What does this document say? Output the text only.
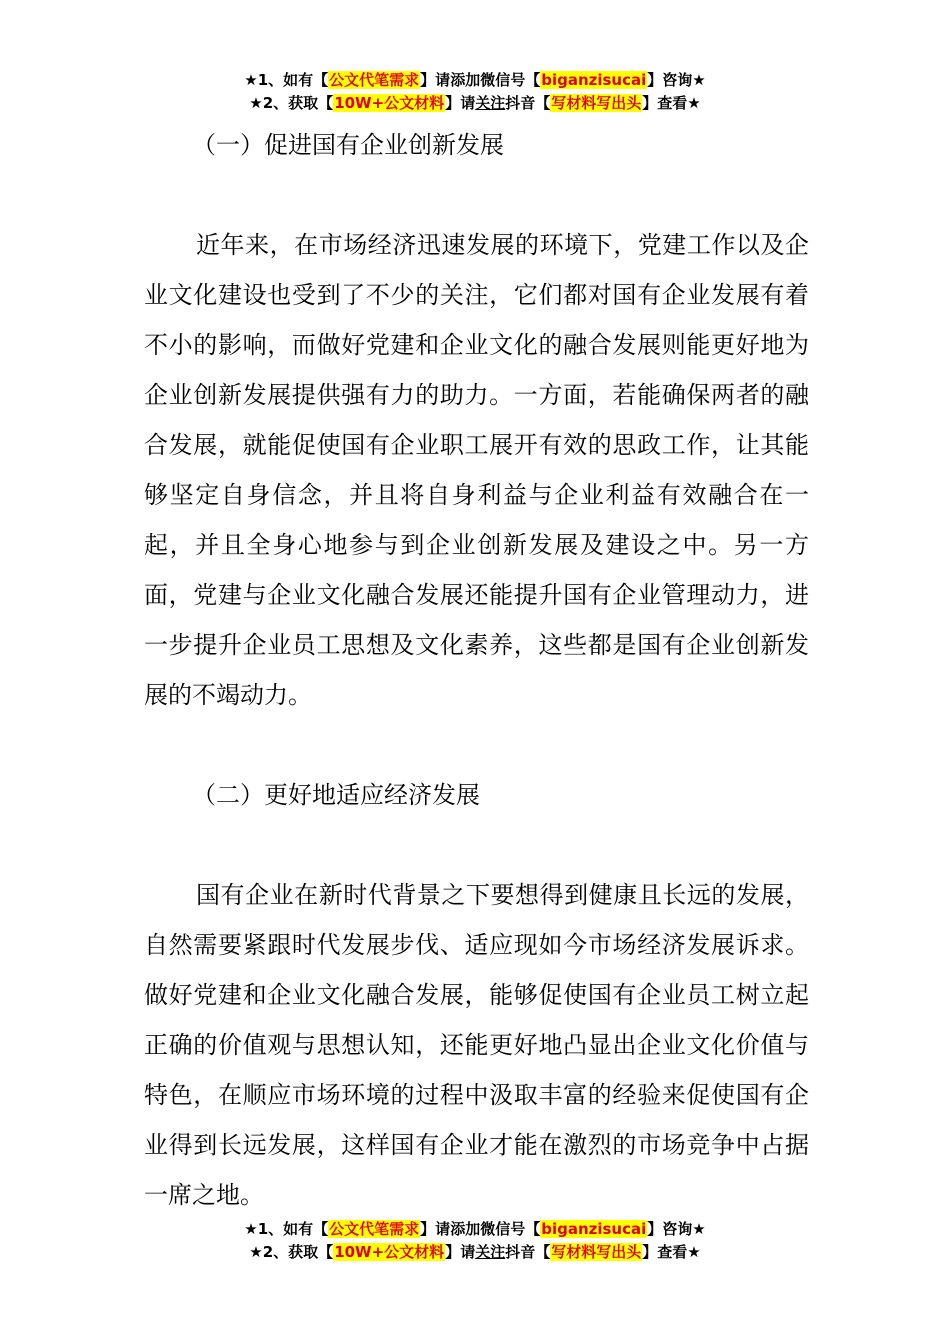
★1、如有【公文代笔需求】请添加微信号【biganzisucai】咨询★
★2、获取【10W+公文材料】请关注抖音【写材料写出头】查看★
（一）促进国有企业创新发展

近年来，在市场经济迅速发展的环境下，党建工作以及企业文化建设也受到了不少的关注，它们都对国有企业发展有着不小的影响，而做好党建和企业文化的融合发展则能更好地为企业创新发展提供强有力的助力。一方面，若能确保两者的融合发展，就能促使国有企业职工展开有效的思政工作，让其能够坚定自身信念，并且将自身利益与企业利益有效融合在一起，并且全身心地参与到企业创新发展及建设之中。另一方面，党建与企业文化融合发展还能提升国有企业管理动力，进一步提升企业员工思想及文化素养，这些都是国有企业创新发展的不竭动力。

（二）更好地适应经济发展

国有企业在新时代背景之下要想得到健康且长远的发展，自然需要紧跟时代发展步伐、适应现如今市场经济发展诉求。做好党建和企业文化融合发展，能够促使国有企业员工树立起正确的价值观与思想认知，还能更好地凸显出企业文化价值与特色，在顺应市场环境的过程中汲取丰富的经验来促使国有企业得到长远发展，这样国有企业才能在激烈的市场竞争中占据一席之地。

★1、如有【公文代笔需求】请添加微信号【biganzisucai】咨询★
★2、获取【10W+公文材料】请关注抖音【写材料写出头】查看★
